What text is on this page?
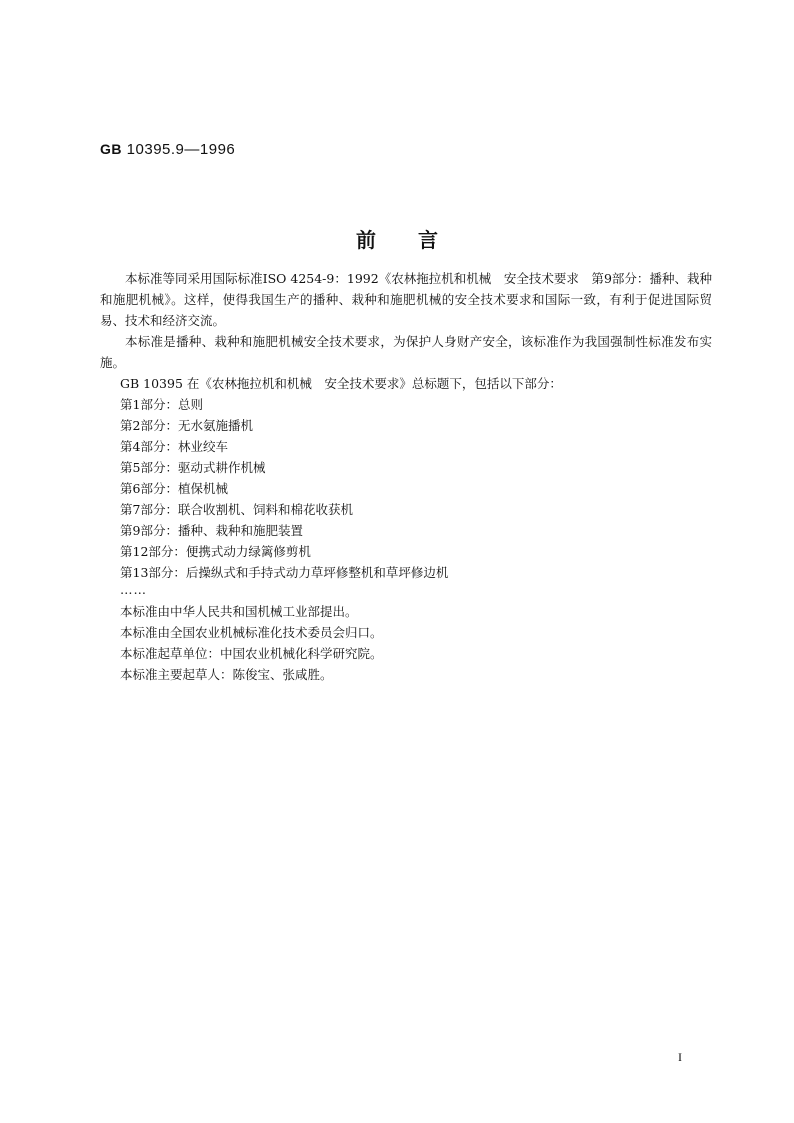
GB 10395.9—1996
前言

本标准等同采用国际标准ISO 4254-9：1992《农林拖拉机和机械　安全技术要求　第9部分：播种、栽种和施肥机械》。这样，使得我国生产的播种、栽种和施肥机械的安全技术要求和国际一致，有利于促进国际贸易、技术和经济交流。

本标准是播种、栽种和施肥机械安全技术要求，为保护人身财产安全，该标准作为我国强制性标准发布实施。

GB 10395 在《农林拖拉机和机械　安全技术要求》总标题下，包括以下部分：

第1部分：总则

第2部分：无水氨施播机

第4部分：林业绞车

第5部分：驱动式耕作机械

第6部分：植保机械

第7部分：联合收割机、饲料和棉花收获机

第9部分：播种、栽种和施肥装置

第12部分：便携式动力绿篱修剪机

第13部分：后操纵式和手持式动力草坪修整机和草坪修边机

……

本标准由中华人民共和国机械工业部提出。

本标准由全国农业机械标准化技术委员会归口。

本标准起草单位：中国农业机械化科学研究院。

本标准主要起草人：陈俊宝、张咸胜。

I
